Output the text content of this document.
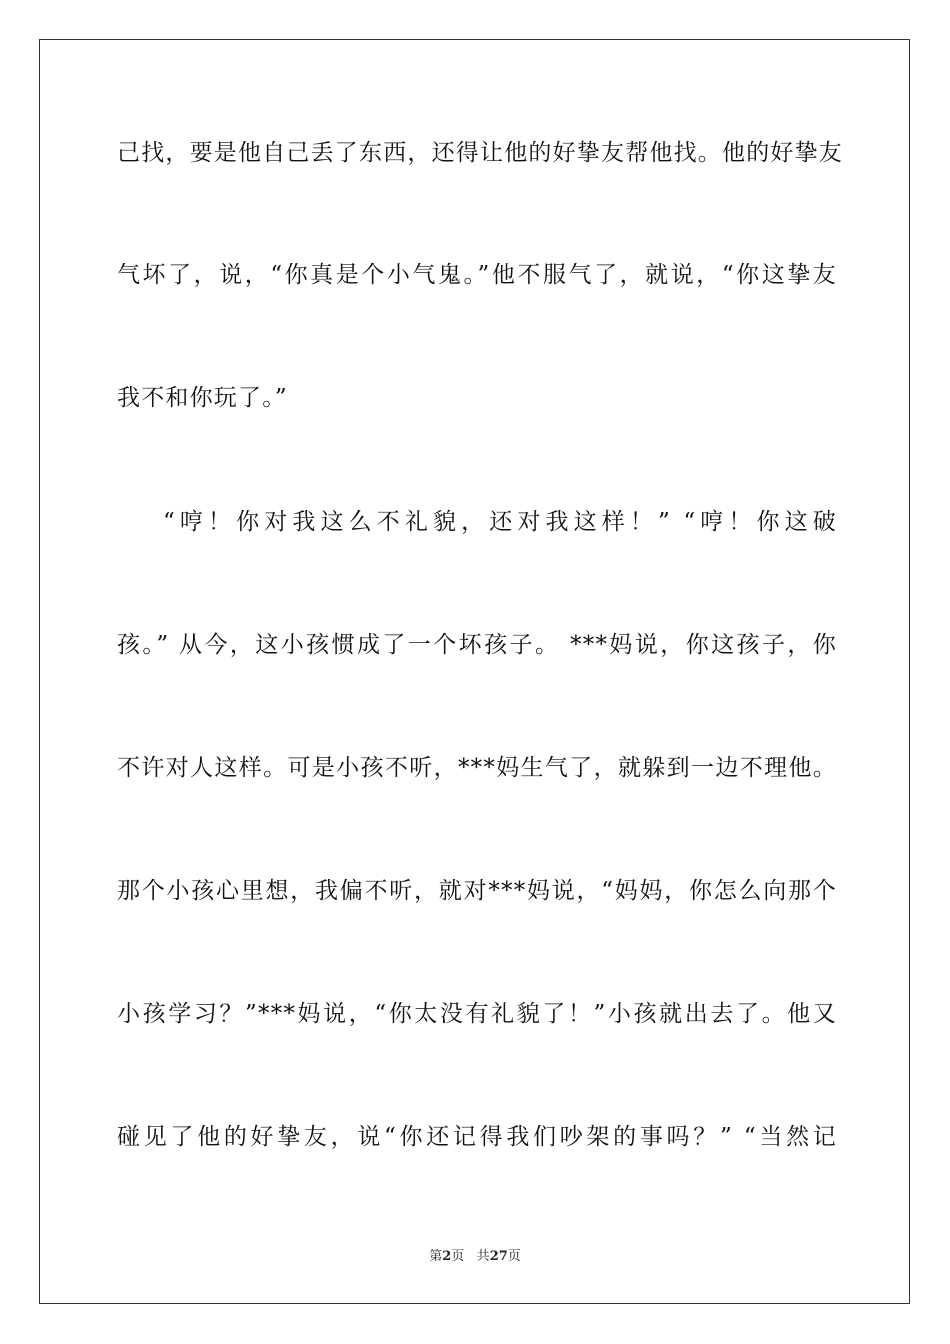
己找，要是他自己丢了东西，还得让他的好挚友帮他找。他的好挚友
气坏了，说，“你真是个小气鬼。”他不服气了，就说，“你这挚友
我不和你玩了。”
“哼！你对我这么不礼貌，还对我这样！” “哼！你这破
孩。” 从今，这小孩惯成了一个坏孩子。 ***妈说，你这孩子，你
不许对人这样。可是小孩不听，***妈生气了，就躲到一边不理他。
那个小孩心里想，我偏不听，就对***妈说，“妈妈，你怎么向那个
小孩学习？”***妈说，“你太没有礼貌了！”小孩就出去了。他又
碰见了他的好挚友，说“你还记得我们吵架的事吗？” “当然记
第2页 共27页
